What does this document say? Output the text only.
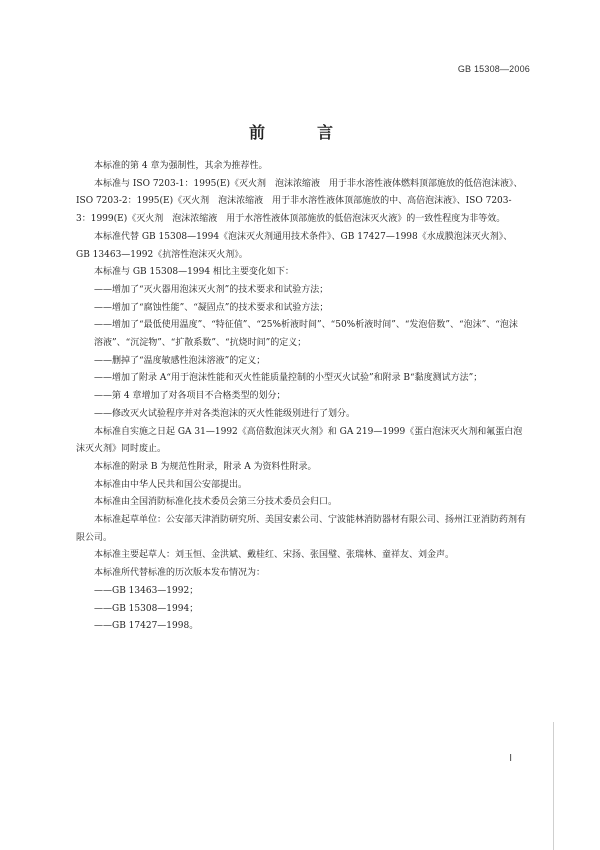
GB 15308—2006
前　言

本标准的第 4 章为强制性，其余为推荐性。

本标准与 ISO 7203-1：1995(E)《灭火剂　泡沫浓缩液　用于非水溶性液体燃料顶部施放的低倍泡沫液》、ISO 7203-2：1995(E)《灭火剂　泡沫浓缩液　用于非水溶性液体顶部施放的中、高倍泡沫液》、ISO 7203-3：1999(E)《灭火剂　泡沫浓缩液　用于水溶性液体顶部施放的低倍泡沫灭火液》的一致性程度为非等效。

本标准代替 GB 15308—1994《泡沫灭火剂通用技术条件》、GB 17427—1998《水成膜泡沫灭火剂》、GB 13463—1992《抗溶性泡沫灭火剂》。

本标准与 GB 15308—1994 相比主要变化如下：

——增加了“灭火器用泡沫灭火剂”的技术要求和试验方法；

——增加了“腐蚀性能”、“凝固点”的技术要求和试验方法；

——增加了“最低使用温度”、“特征值”、“25%析液时间”、“50%析液时间”、“发泡倍数”、“泡沫”、“泡沫溶液”、“沉淀物”、“扩散系数”、“抗烧时间”的定义；

——删掉了“温度敏感性泡沫溶液”的定义；

——增加了附录 A“用于泡沫性能和灭火性能质量控制的小型灭火试验”和附录 B“黏度测试方法”；

——第 4 章增加了对各项目不合格类型的划分；

——修改灭火试验程序并对各类泡沫的灭火性能级别进行了划分。

本标准自实施之日起 GA 31—1992《高倍数泡沫灭火剂》和 GA 219—1999《蛋白泡沫灭火剂和氟蛋白泡沫灭火剂》同时废止。

本标准的附录 B 为规范性附录，附录 A 为资料性附录。

本标准由中华人民共和国公安部提出。

本标准由全国消防标准化技术委员会第三分技术委员会归口。

本标准起草单位：公安部天津消防研究所、美国安素公司、宁波能林消防器材有限公司、扬州江亚消防药剂有限公司。

本标准主要起草人：刘玉恒、金洪斌、戴桂红、宋扬、张国璧、张瑞林、童祥友、刘金声。

本标准所代替标准的历次版本发布情况为：

——GB 13463—1992；

——GB 15308—1994；

——GB 17427—1998。

I
